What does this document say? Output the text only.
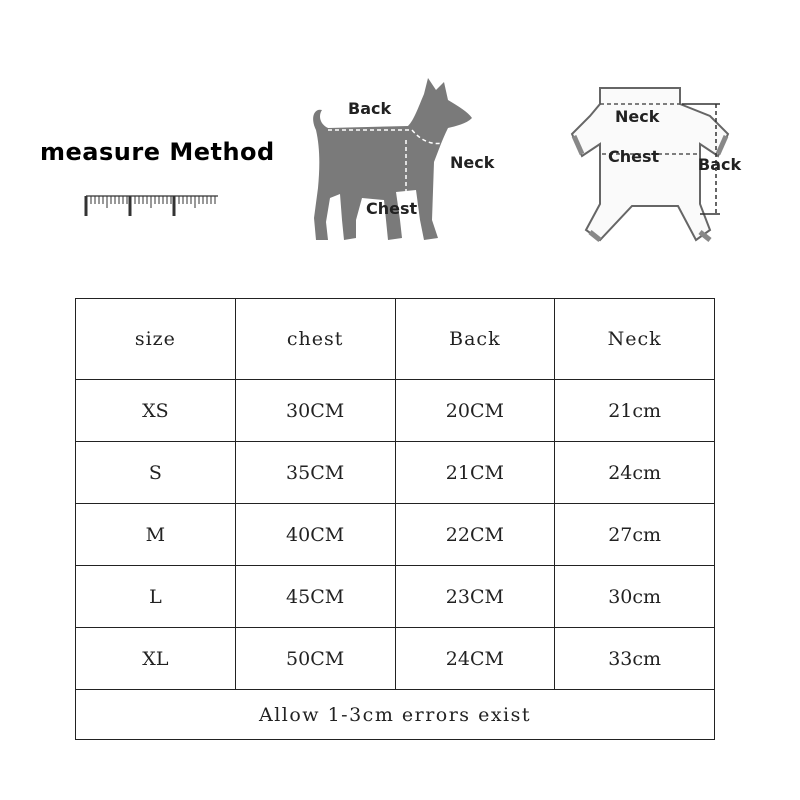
measure Method
Back
Neck
Chest
Neck
Chest Back
size	chest	Back	Neck
XS	30CM	20CM	21cm
S	35CM	21CM	24cm
M	40CM	22CM	27cm
L	45CM	23CM	30cm
XL	50CM	24CM	33cm
Allow 1-3cm errors exist			
